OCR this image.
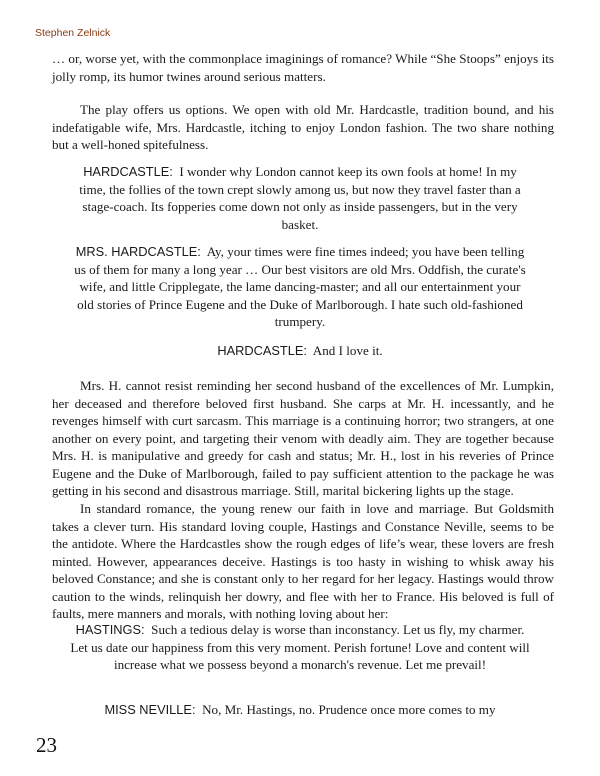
Stephen Zelnick

… or, worse yet, with the commonplace imaginings of romance? While “She Stoops” enjoys its jolly romp, its humor twines around serious matters.

The play offers us options. We open with old Mr. Hardcastle, tradition bound, and his indefatigable wife, Mrs. Hardcastle, itching to enjoy London fashion. The two share nothing but a well-honed spitefulness.

HARDCASTLE: I wonder why London cannot keep its own fools at home! In my time, the follies of the town crept slowly among us, but now they travel faster than a stage-coach. Its fopperies come down not only as inside passengers, but in the very basket.

MRS. HARDCASTLE: Ay, your times were fine times indeed; you have been telling us of them for many a long year … Our best visitors are old Mrs. Oddfish, the curate's wife, and little Cripplegate, the lame dancing-master; and all our entertainment your old stories of Prince Eugene and the Duke of Marlborough. I hate such old-fashioned trumpery.

HARDCASTLE: And I love it.

Mrs. H. cannot resist reminding her second husband of the excellences of Mr. Lumpkin, her deceased and therefore beloved first husband. She carps at Mr. H. incessantly, and he revenges himself with curt sarcasm. This marriage is a continuing horror; two strangers, at one another on every point, and targeting their venom with deadly aim. They are together because Mrs. H. is manipulative and greedy for cash and status; Mr. H., lost in his reveries of Prince Eugene and the Duke of Marlborough, failed to pay sufficient attention to the package he was getting in his second and disastrous marriage. Still, marital bickering lights up the stage.

In standard romance, the young renew our faith in love and marriage. But Goldsmith takes a clever turn. His standard loving couple, Hastings and Constance Neville, seems to be the antidote. Where the Hardcastles show the rough edges of life’s wear, these lovers are fresh minted. However, appearances deceive. Hastings is too hasty in wishing to whisk away his beloved Constance; and she is constant only to her regard for her legacy. Hastings would throw caution to the winds, relinquish her dowry, and flee with her to France. His beloved is full of faults, mere manners and morals, with nothing loving about her:

HASTINGS: Such a tedious delay is worse than inconstancy. Let us fly, my charmer. Let us date our happiness from this very moment. Perish fortune! Love and content will increase what we possess beyond a monarch's revenue. Let me prevail!

MISS NEVILLE: No, Mr. Hastings, no. Prudence once more comes to my

23
